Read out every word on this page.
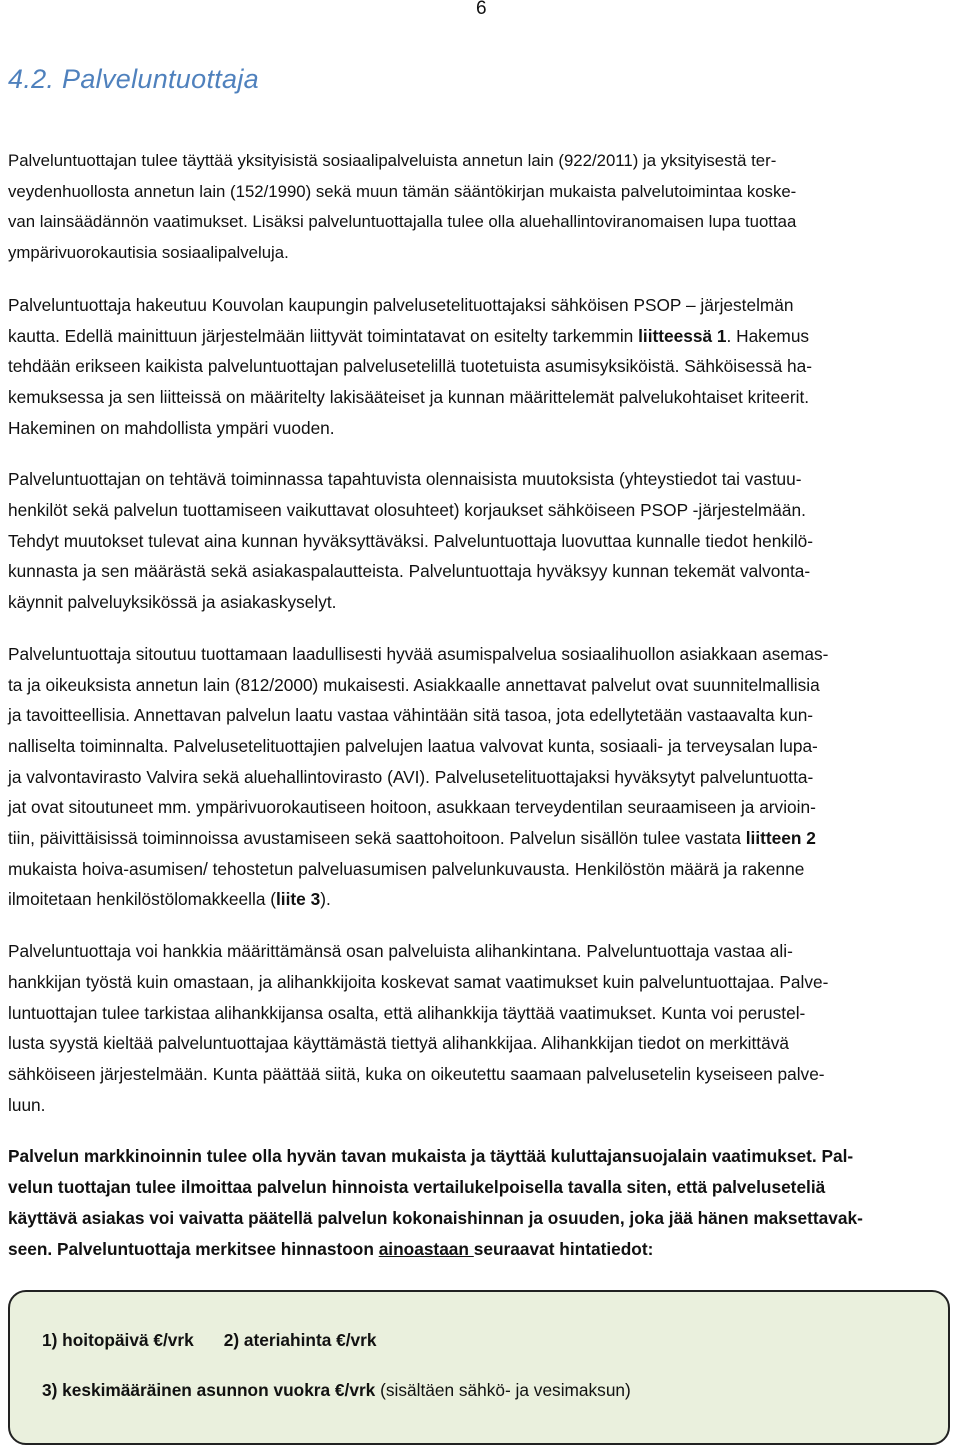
6
4.2. Palveluntuottaja

Palveluntuottajan tulee täyttää yksityisistä sosiaalipalveluista annetun lain (922/2011) ja yksityisestä ter-
veydenhuollosta annetun lain (152/1990) sekä muun tämän sääntökirjan mukaista palvelutoimintaa koske-
van lainsäädännön vaatimukset. Lisäksi palveluntuottajalla tulee olla aluehallintoviranomaisen lupa tuottaa
ympärivuorokautisia sosiaalipalveluja.

Palveluntuottaja hakeutuu Kouvolan kaupungin palvelusetelituottajaksi sähköisen PSOP – järjestelmän
kautta. Edellä mainittuun järjestelmään liittyvät toimintatavat on esitelty tarkemmin liitteessä 1. Hakemus
tehdään erikseen kaikista palveluntuottajan palvelusetelillä tuotetuista asumisyksiköistä. Sähköisessä ha-
kemuksessa ja sen liitteissä on määritelty lakisääteiset ja kunnan määrittelemät palvelukohtaiset kriteerit.
Hakeminen on mahdollista ympäri vuoden.

Palveluntuottajan on tehtävä toiminnassa tapahtuvista olennaisista muutoksista (yhteystiedot tai vastuu-
henkilöt sekä palvelun tuottamiseen vaikuttavat olosuhteet) korjaukset sähköiseen PSOP -järjestelmään.
Tehdyt muutokset tulevat aina kunnan hyväksyttäväksi. Palveluntuottaja luovuttaa kunnalle tiedot henkilö-
kunnasta ja sen määrästä sekä asiakaspalautteista. Palveluntuottaja hyväksyy kunnan tekemät valvonta-
käynnit palveluyksikössä ja asiakaskyselyt.

Palveluntuottaja sitoutuu tuottamaan laadullisesti hyvää asumispalvelua sosiaalihuollon asiakkaan asemas-
ta ja oikeuksista annetun lain (812/2000) mukaisesti. Asiakkaalle annettavat palvelut ovat suunnitelmallisia
ja tavoitteellisia. Annettavan palvelun laatu vastaa vähintään sitä tasoa, jota edellytetään vastaavalta kun-
nalliselta toiminnalta. Palvelusetelituottajien palvelujen laatua valvovat kunta, sosiaali- ja terveysalan lupa-
ja valvontavirasto Valvira sekä aluehallintovirasto (AVI). Palvelusetelituottajaksi hyväksytyt palveluntuotta-
jat ovat sitoutuneet mm. ympärivuorokautiseen hoitoon, asukkaan terveydentilan seuraamiseen ja arvioin-
tiin, päivittäisissä toiminnoissa avustamiseen sekä saattohoitoon. Palvelun sisällön tulee vastata liitteen 2
mukaista hoiva-asumisen/ tehostetun palveluasumisen palvelunkuvausta. Henkilöstön määrä ja rakenne
ilmoitetaan henkilöstölomakkeella (liite 3).

Palveluntuottaja voi hankkia määrittämänsä osan palveluista alihankintana. Palveluntuottaja vastaa ali-
hankkijan työstä kuin omastaan, ja alihankkijoita koskevat samat vaatimukset kuin palveluntuottajaa. Palve-
luntuottajan tulee tarkistaa alihankkijansa osalta, että alihankkija täyttää vaatimukset. Kunta voi perustel-
lusta syystä kieltää palveluntuottajaa käyttämästä tiettyä alihankkijaa. Alihankkijan tiedot on merkittävä
sähköiseen järjestelmään. Kunta päättää siitä, kuka on oikeutettu saamaan palvelusetelin kyseiseen palve-
luun.

Palvelun markkinoinnin tulee olla hyvän tavan mukaista ja täyttää kuluttajansuojalain vaatimukset. Pal-
velun tuottajan tulee ilmoittaa palvelun hinnoista vertailukelpoisella tavalla siten, että palveluseteliä
käyttävä asiakas voi vaivatta päätellä palvelun kokonaishinnan ja osuuden, joka jää hänen maksettavak-
seen. Palveluntuottaja merkitsee hinnastoon ainoastaan seuraavat hintatiedot:

1) hoitopäivä €/vrk 2) ateriahinta €/vrk
3) keskimääräinen asunnon vuokra €/vrk (sisältäen sähkö- ja vesimaksun)
